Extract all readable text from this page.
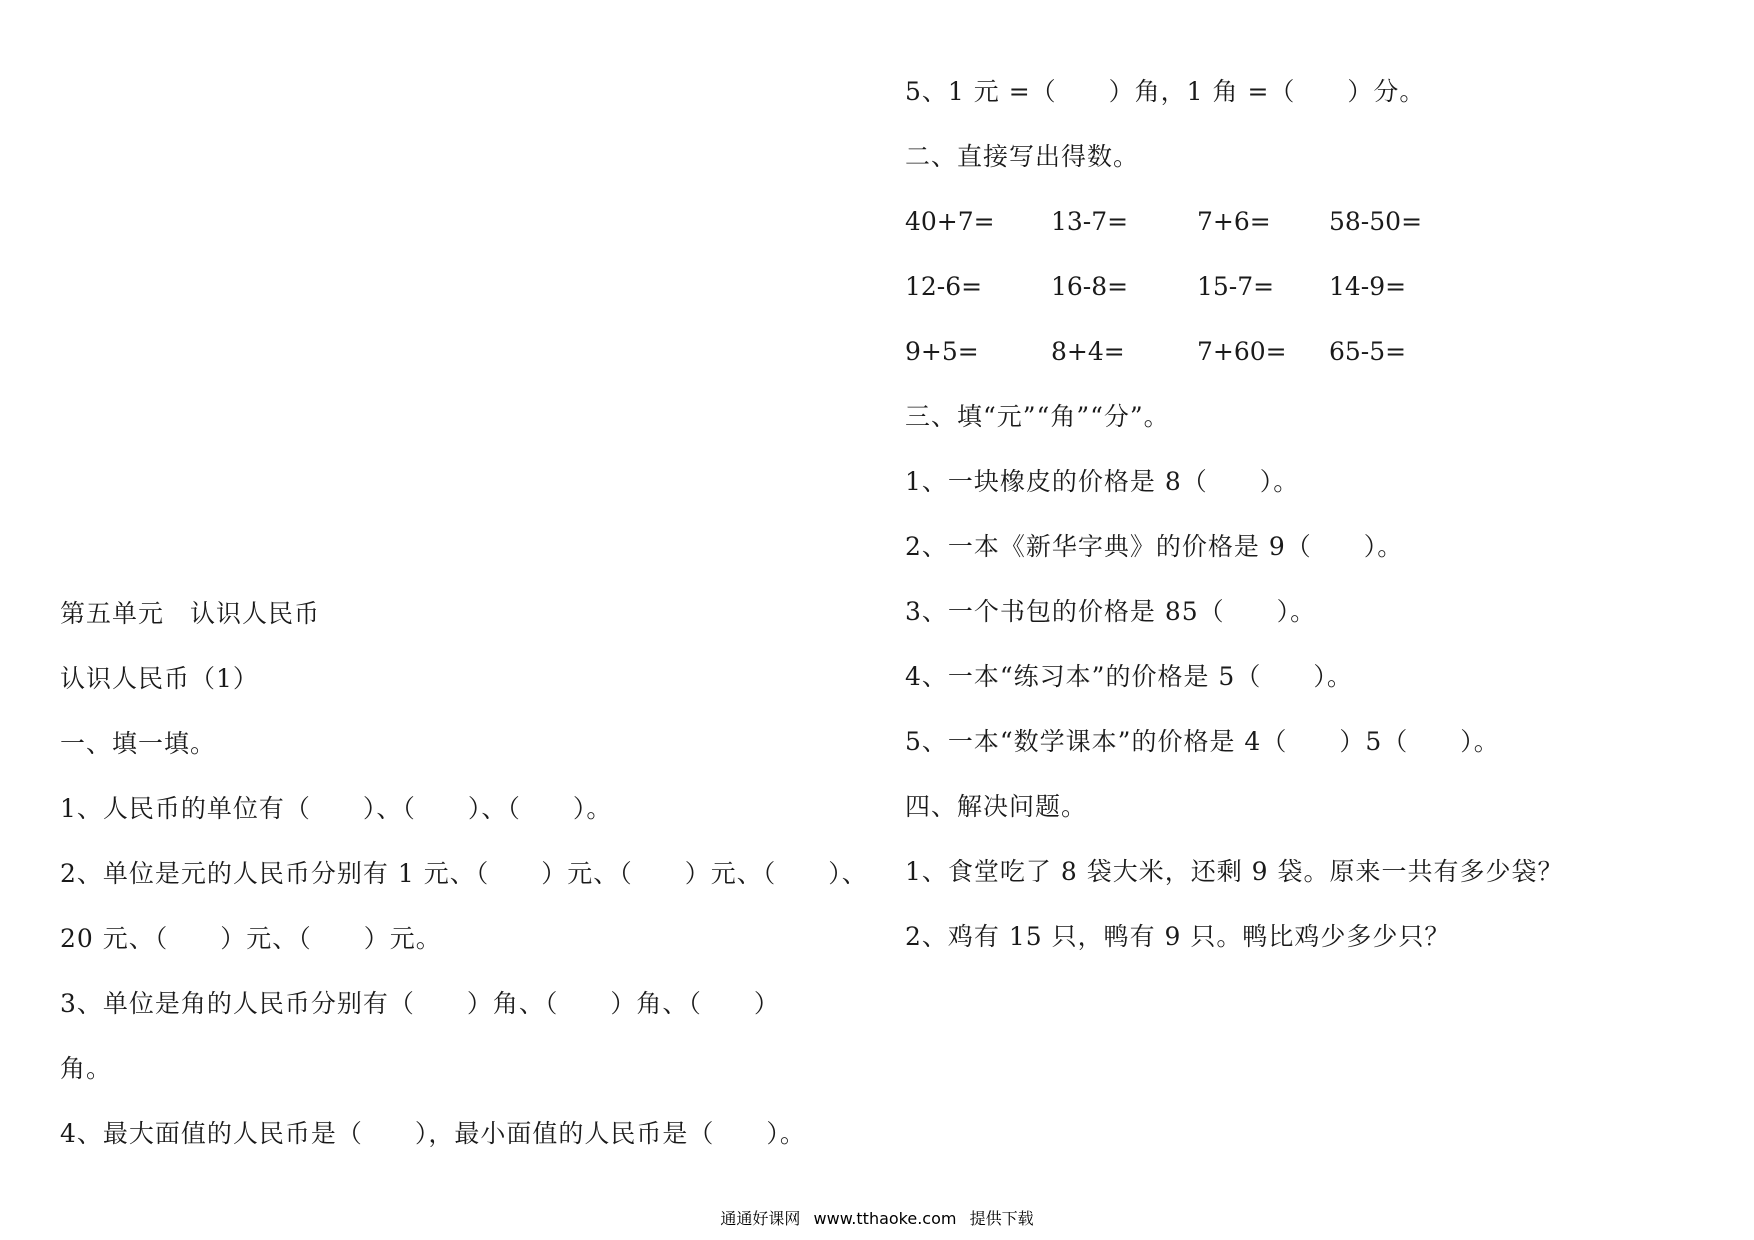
第五单元　认识人民币
认识人民币（1）
一、填一填。
1、人民币的单位有（　　）、（　　）、（　　）。
2、单位是元的人民币分别有 1 元、（　　）元、（　　）元、（　　）、
20 元、（　　）元、（　　）元。
3、单位是角的人民币分别有（　　）角、（　　）角、（　　）
角。
4、最大面值的人民币是（　　），最小面值的人民币是（　　）。
5、1 元 =（　　）角，1 角 =（　　）分。
二、直接写出得数。
40+7= 13-7=	7+6= 58-50=
12-6=	16-8=	15-7= 14-9=
9+5=	8+4=	7+60= 65-5=
三、填“元”“角”“分”。
1、一块橡皮的价格是 8（　　）。
2、一本《新华字典》的价格是 9（　　）。
3、一个书包的价格是 85（　　）。
4、一本“练习本”的价格是 5（　　）。
5、一本“数学课本”的价格是 4（　　）5（　　）。
四、解决问题。
1、食堂吃了 8 袋大米，还剩 9 袋。原来一共有多少袋？
2、鸡有 15 只，鸭有 9 只。鸭比鸡少多少只？
通通好课网 www.tthaoke.com 提供下载
